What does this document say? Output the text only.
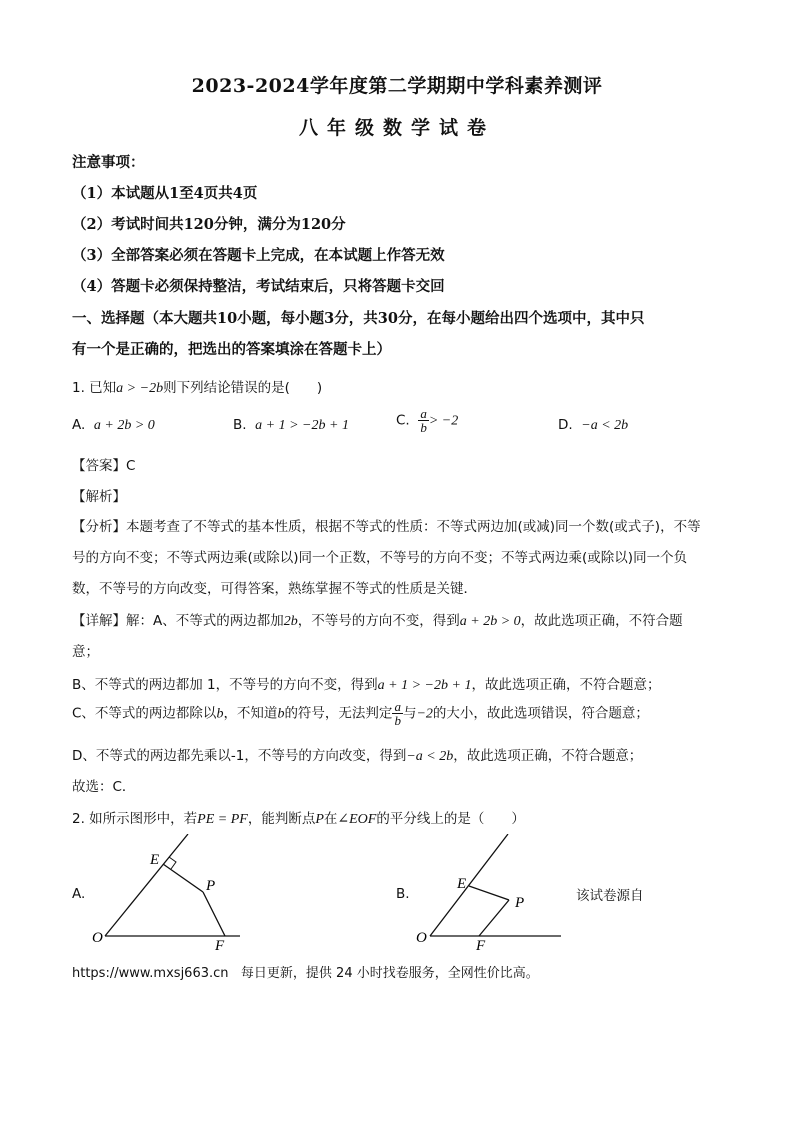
2023-2024学年度第二学期期中学科素养测评
八年级数学试卷
注意事项：
（1）本试题从1至4页共4页
（2）考试时间共120分钟，满分为120分
（3）全部答案必须在答题卡上完成，在本试题上作答无效
（4）答题卡必须保持整洁，考试结束后，只将答题卡交回
一、选择题（本大题共10小题，每小题3分，共30分，在每小题给出四个选项中，其中只
有一个是正确的，把选出的答案填涂在答题卡上）
1. 已知a > −2b则下列结论错误的是(　　)
A. a + 2b > 0	B. a + 1 > −2b + 1	C. $\frac{a}{b} > -2$	D. −a < 2b
【答案】C
【解析】
【分析】本题考查了不等式的基本性质，根据不等式的性质：不等式两边加(或减)同一个数(或式子)，不等
号的方向不变；不等式两边乘(或除以)同一个正数，不等号的方向不变；不等式两边乘(或除以)同一个负
数，不等号的方向改变，可得答案，熟练掌握不等式的性质是关键．
【详解】解：A、不等式的两边都加2b，不等号的方向不变，得到a + 2b > 0，故此选项正确，不符合题
意；
B、不等式的两边都加 1，不等号的方向不变，得到a + 1 > −2b + 1，故此选项正确，不符合题意；
C、不等式的两边都除以b，不知道b的符号，无法判定 $\frac{a}{b}$ 与−2的大小，故此选项错误，符合题意；
D、不等式的两边都先乘以-1，不等号的方向改变，得到−a < 2b，故此选项正确，不符合题意；
故选：C．
2. 如所示图形中，若PE = PF，能判断点P在∠EOF的平分线上的是（　　）
A.
E
P
O	F
B.
E
P
O	F
该试卷源自
https://www.mxsj663.cn 每日更新，提供 24 小时找卷服务，全网性价比高。
